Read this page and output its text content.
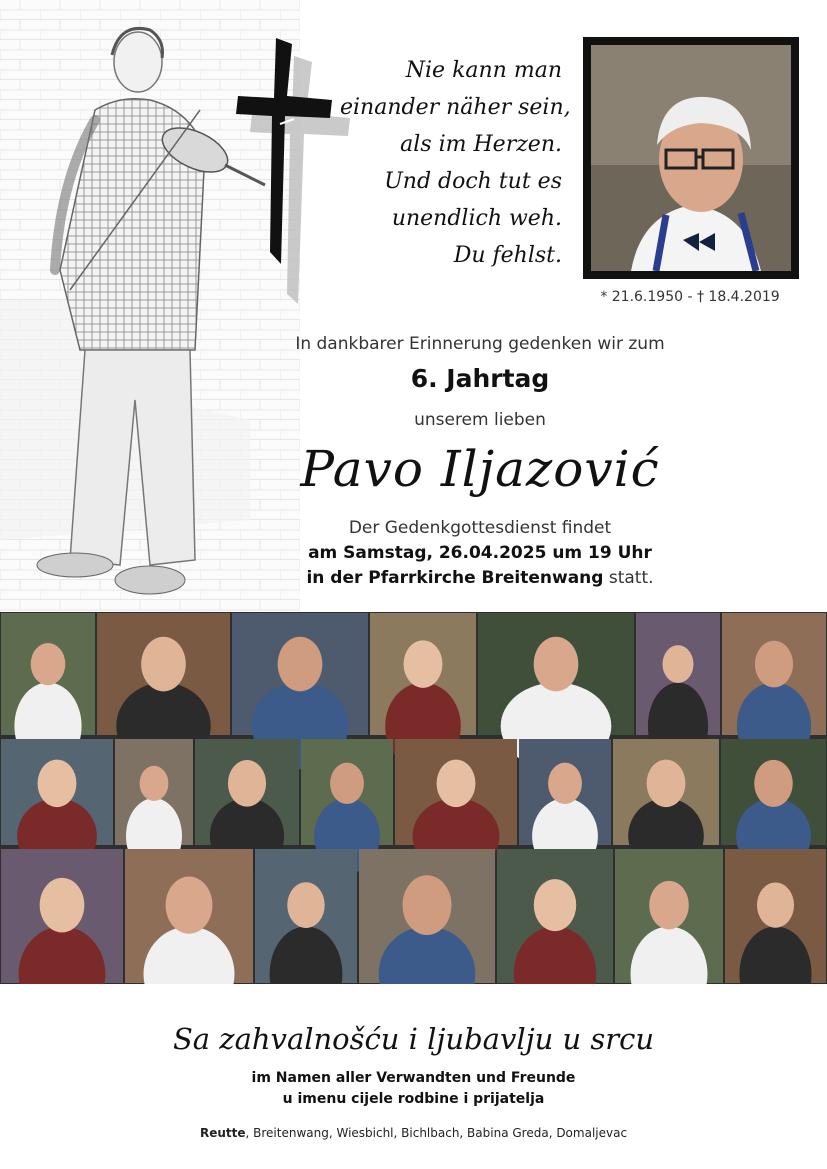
Nie kann man
einander näher sein,
als im Herzen.
Und doch tut es
unendlich weh.
Du fehlst.
* 21.6.1950 - † 18.4.2019
In dankbarer Erinnerung gedenken wir zum
6. Jahrtag
unserem lieben
Pavo Iljazović
Der Gedenkgottesdienst findet
am Samstag, 26.04.2025 um 19 Uhr
in der Pfarrkirche Breitenwang statt.
Sa zahvalnošću i ljubavlju u srcu
im Namen aller Verwandten und Freunde
u imenu cijele rodbine i prijatelja
Reutte, Breitenwang, Wiesbichl, Bichlbach, Babina Greda, Domaljevac
